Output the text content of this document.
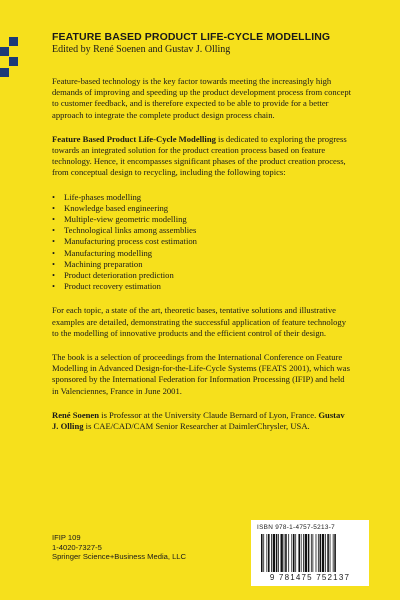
FEATURE BASED PRODUCT LIFE-CYCLE MODELLING
Edited by René Soenen and Gustav J. Olling

Feature-based technology is the key factor towards meeting the increasingly high demands of improving and speeding up the product development process from concept to customer feedback, and is therefore expected to be able to provide for a better approach to integrate the complete product design process chain.

Feature Based Product Life-Cycle Modelling is dedicated to exploring the progress towards an integrated solution for the product creation process based on feature technology. Hence, it encompasses significant phases of the product creation process, from conceptual design to recycling, including the following topics:

• Life-phases modelling
• Knowledge based engineering
• Multiple-view geometric modelling
• Technological links among assemblies
• Manufacturing process cost estimation
• Manufacturing modelling
• Machining preparation
• Product deterioration prediction
• Product recovery estimation

For each topic, a state of the art, theoretic bases, tentative solutions and illustrative examples are detailed, demonstrating the successful application of feature technology to the modelling of innovative products and the efficient control of their design.

The book is a selection of proceedings from the International Conference on Feature Modelling in Advanced Design-for-the-Life-Cycle Systems (FEATS 2001), which was sponsored by the International Federation for Information Processing (IFIP) and held in Valenciennes, France in June 2001.

René Soenen is Professor at the University Claude Bernard of Lyon, France. Gustav J. Olling is CAE/CAD/CAM Senior Researcher at DaimlerChrysler, USA.

IFIP 109
1-4020-7327-5
Springer Science+Business Media, LLC
ISBN 978-1-4757-5213-7
9 781475 752137
